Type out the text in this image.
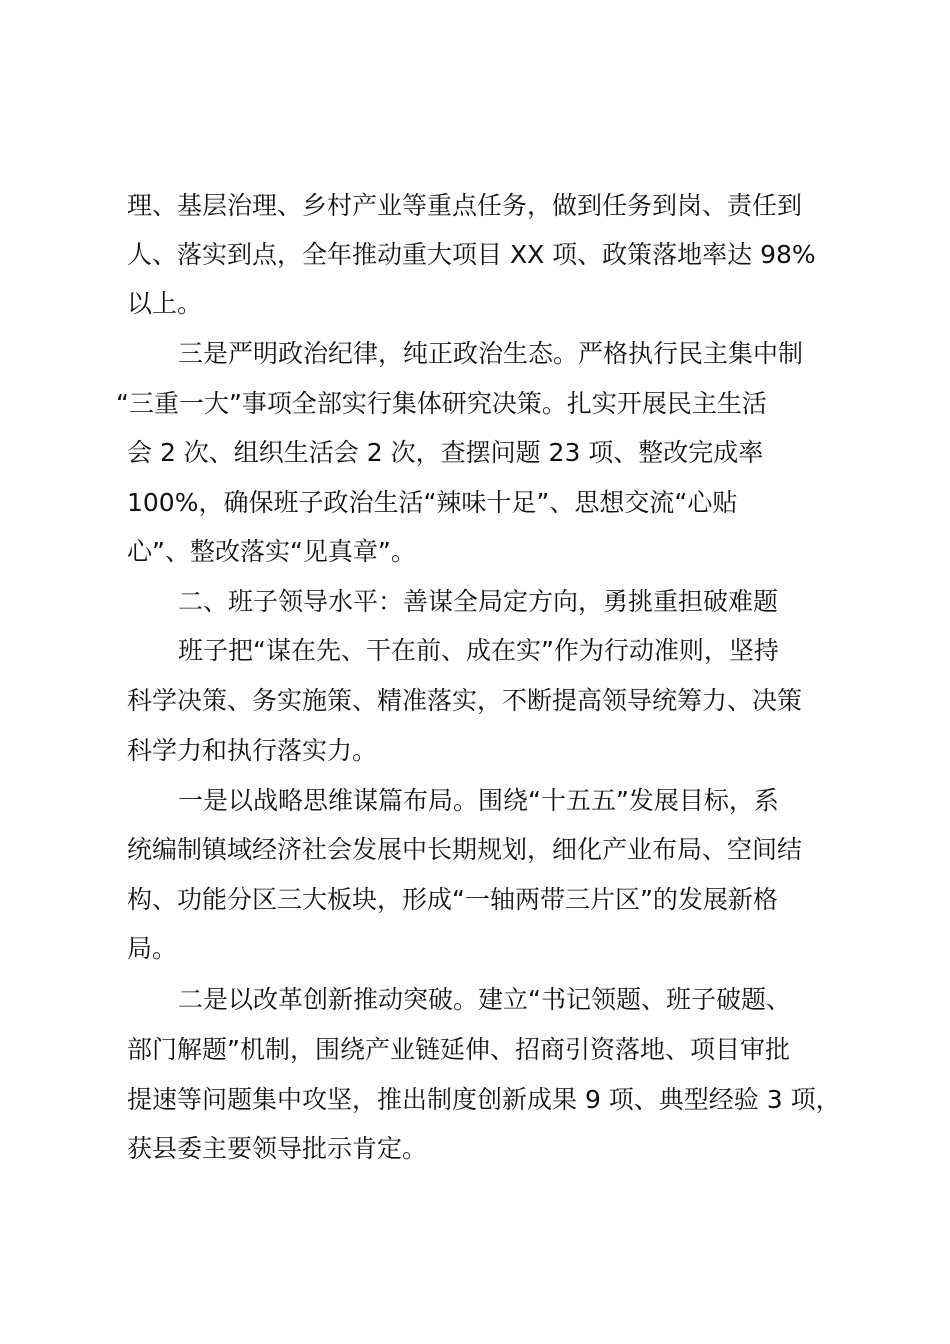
理、基层治理、乡村产业等重点任务，做到任务到岗、责任到
人、落实到点，全年推动重大项目 XX 项、政策落地率达 98%
以上。
三是严明政治纪律，纯正政治生态。严格执行民主集中制
“三重一大”事项全部实行集体研究决策。扎实开展民主生活
会 2 次、组织生活会 2 次，查摆问题 23 项、整改完成率
100%，确保班子政治生活“辣味十足”、思想交流“心贴
心”、整改落实“见真章”。
二、班子领导水平：善谋全局定方向，勇挑重担破难题
班子把“谋在先、干在前、成在实”作为行动准则，坚持
科学决策、务实施策、精准落实，不断提高领导统筹力、决策
科学力和执行落实力。
一是以战略思维谋篇布局。围绕“十五五”发展目标，系
统编制镇域经济社会发展中长期规划，细化产业布局、空间结
构、功能分区三大板块，形成“一轴两带三片区”的发展新格
局。
二是以改革创新推动突破。建立“书记领题、班子破题、
部门解题”机制，围绕产业链延伸、招商引资落地、项目审批
提速等问题集中攻坚，推出制度创新成果 9 项、典型经验 3 项，
获县委主要领导批示肯定。
